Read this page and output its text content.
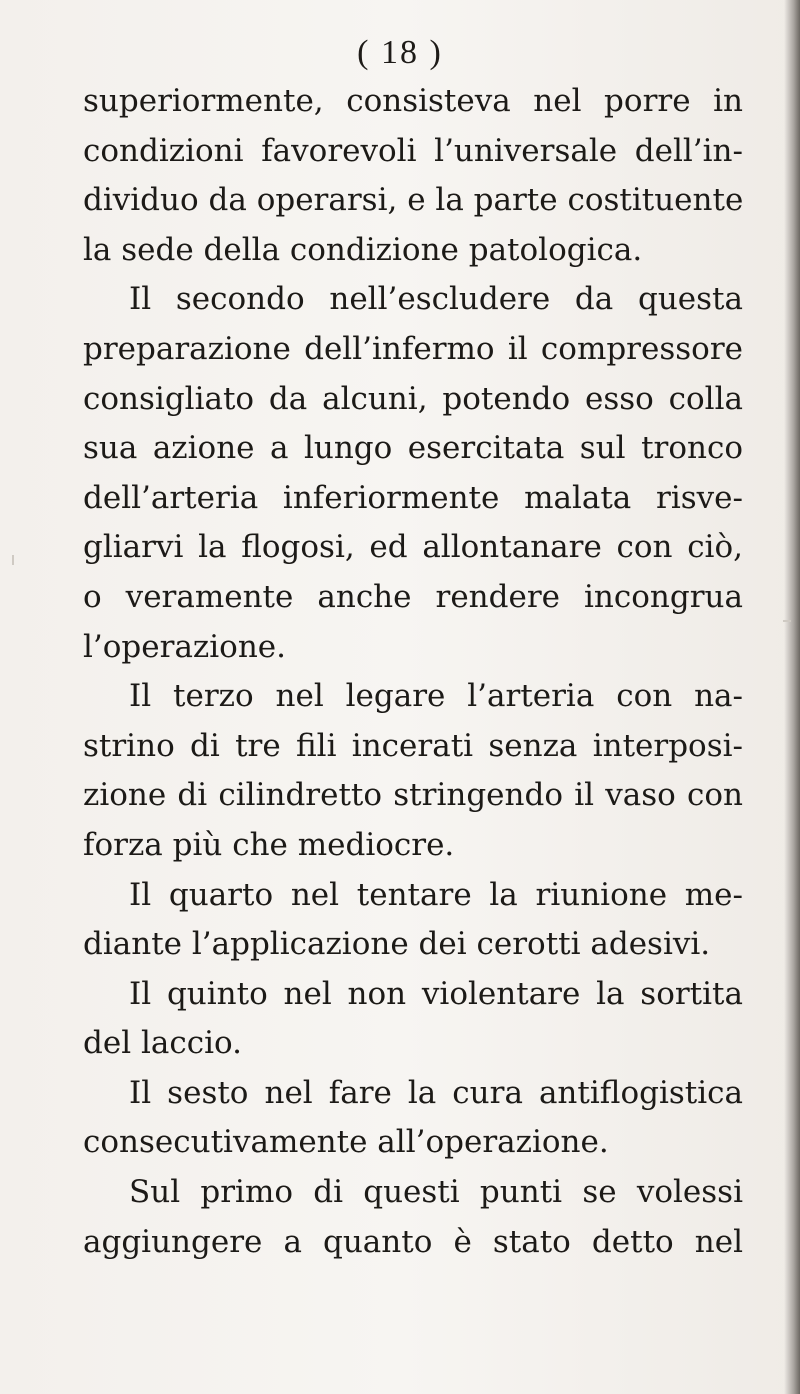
( 18 )
superiormente, consisteva nel porre in
condizioni favorevoli l’universale dell’in-
dividuo da operarsi, e la parte costituente
la sede della condizione patologica.
Il secondo nell’escludere da questa
preparazione dell’infermo il compressore
consigliato da alcuni, potendo esso colla
sua azione a lungo esercitata sul tronco
dell’arteria inferiormente malata risve-
gliarvi la flogosi, ed allontanare con ciò,
o veramente anche rendere incongrua
l’operazione.
Il terzo nel legare l’arteria con na-
strino di tre fili incerati senza interposi-
zione di cilindretto stringendo il vaso con
forza più che mediocre.
Il quarto nel tentare la riunione me-
diante l’applicazione dei cerotti adesivi.
Il quinto nel non violentare la sortita
del laccio.
Il sesto nel fare la cura antiflogistica
consecutivamente all’operazione.
Sul primo di questi punti se volessi
aggiungere a quanto è stato detto nel
